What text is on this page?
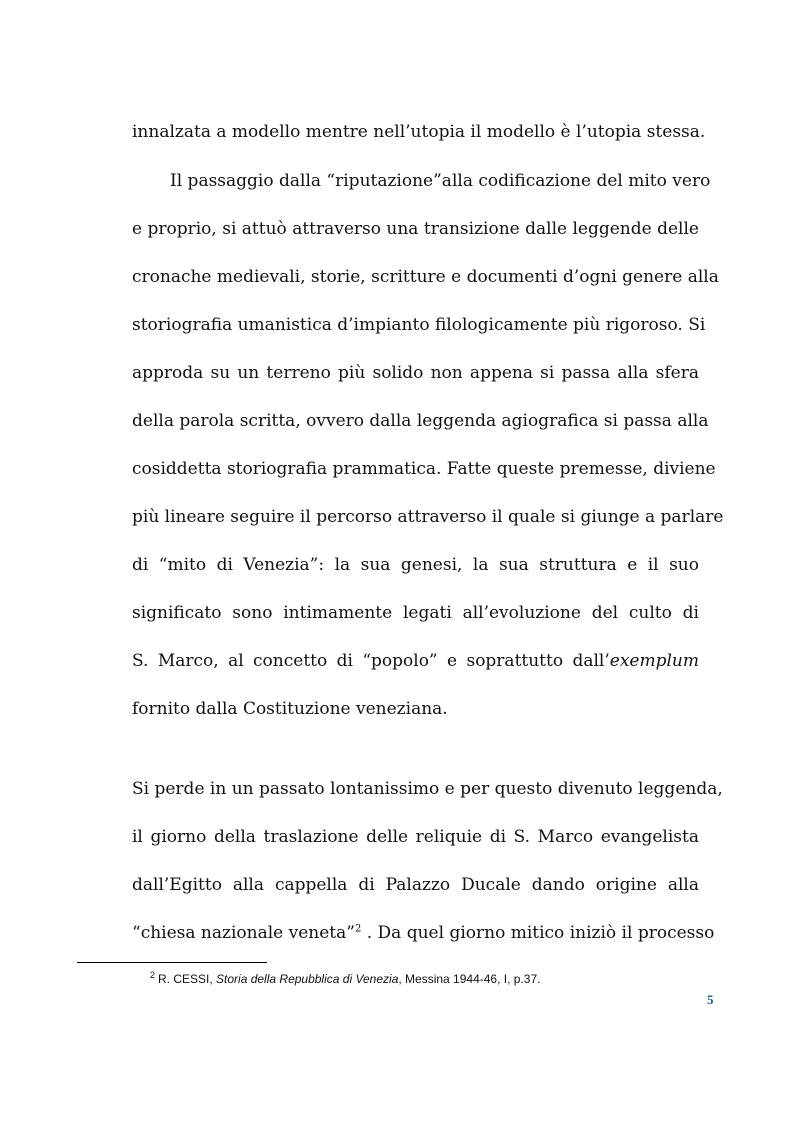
innalzata a modello mentre nell’utopia il modello è l’utopia stessa.
Il passaggio dalla “riputazione”alla codificazione del mito vero
e proprio, si attuò attraverso una transizione dalle leggende delle
cronache medievali, storie, scritture e documenti d’ogni genere alla
storiografia umanistica d’impianto filologicamente più rigoroso. Si
approda su un terreno più solido non appena si passa alla sfera
della parola scritta, ovvero dalla leggenda agiografica si passa alla
cosiddetta storiografia prammatica. Fatte queste premesse, diviene
più lineare seguire il percorso attraverso il quale si giunge a parlare
di “mito di Venezia”: la sua genesi, la sua struttura e il suo
significato sono intimamente legati all’evoluzione del culto di
S. Marco, al concetto di “popolo” e soprattutto dall’exemplum
fornito dalla Costituzione veneziana.
Si perde in un passato lontanissimo e per questo divenuto leggenda,
il giorno della traslazione delle reliquie di S. Marco evangelista
dall’Egitto alla cappella di Palazzo Ducale dando origine alla
“chiesa nazionale veneta”$^2$ . Da quel giorno mitico iniziò il processo
$^2$ R. CESSI, Storia della Repubblica di Venezia, Messina 1944-46, I, p.37.
5
